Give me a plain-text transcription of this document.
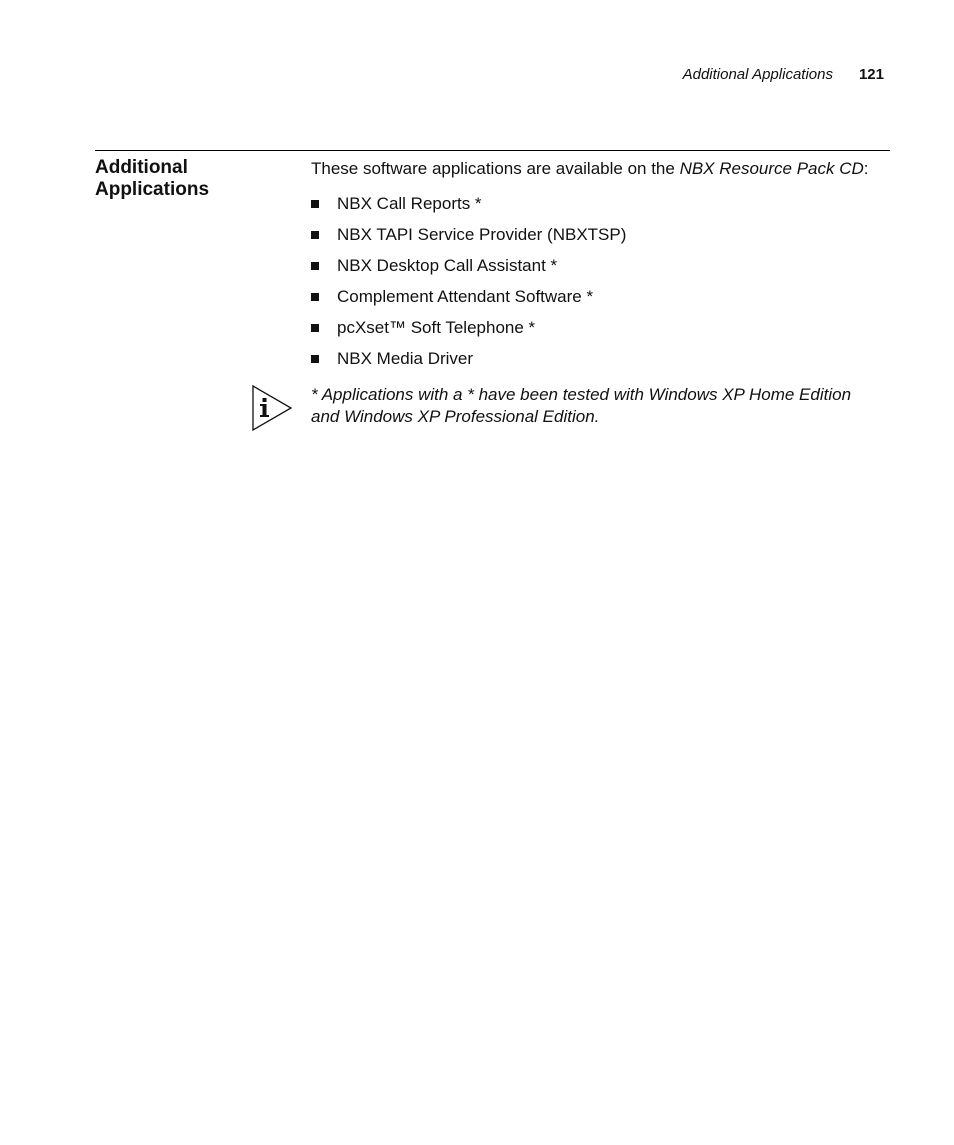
Additional Applications 121
Additional
Applications

These software applications are available on the NBX Resource Pack CD:

NBX Call Reports *
NBX TAPI Service Provider (NBXTSP)
NBX Desktop Call Assistant *
Complement Attendant Software *
pcXset™ Soft Telephone *
NBX Media Driver
* Applications with a * have been tested with Windows XP Home Edition
and Windows XP Professional Edition.
